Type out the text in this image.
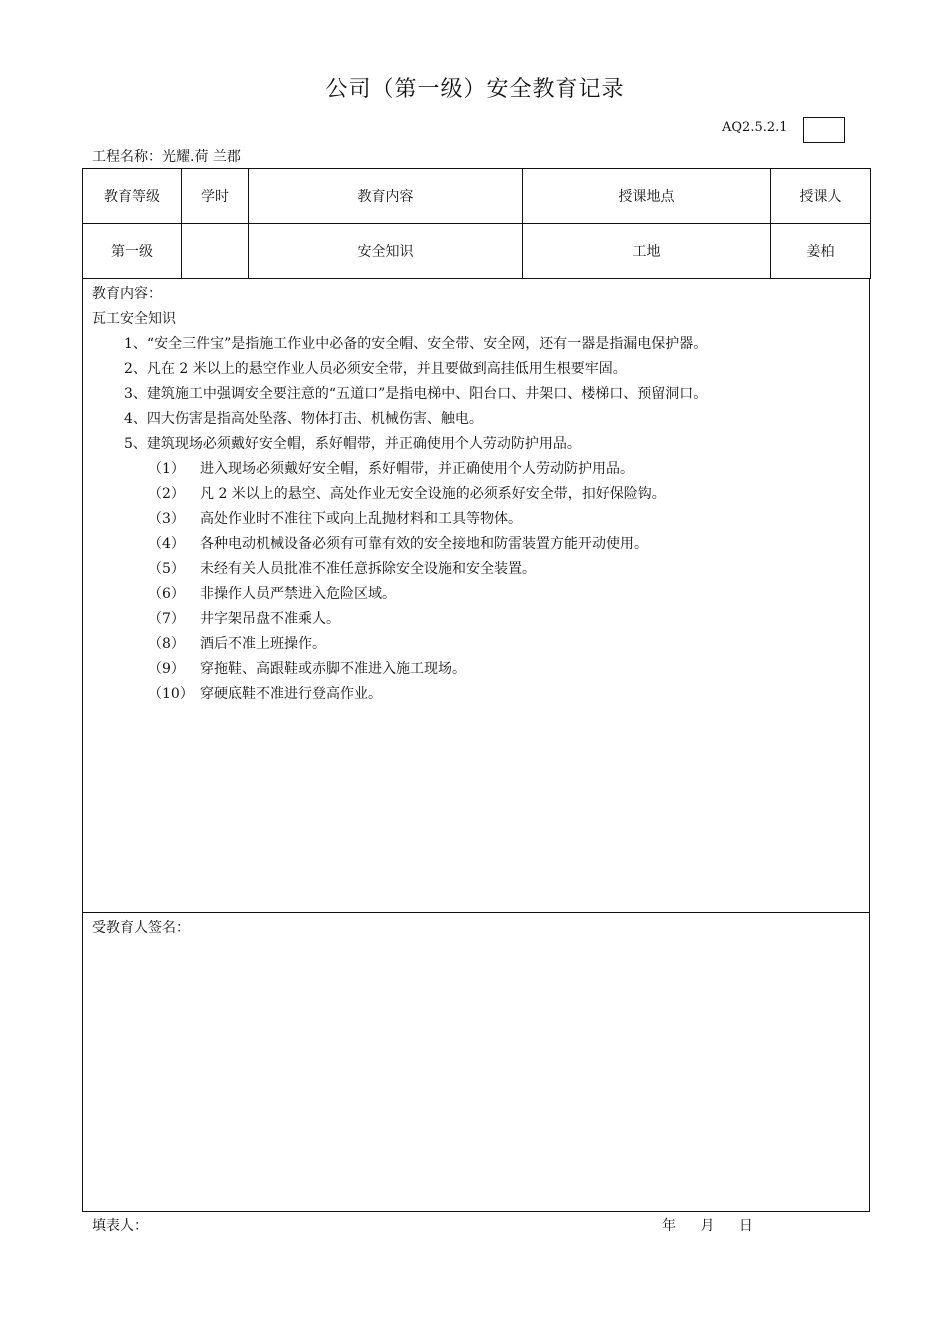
公司（第一级）安全教育记录
AQ2.5.2.1
工程名称：光耀.荷 兰郡
教育等级	学时	教育内容	授课地点	授课人
第一级		安全知识	工地	姜柏
教育内容：
瓦工安全知识
1、“安全三件宝”是指施工作业中必备的安全帽、安全带、安全网，还有一器是指漏电保护器。
2、凡在 2 米以上的悬空作业人员必须安全带，并且要做到高挂低用生根要牢固。
3、建筑施工中强调安全要注意的“五道口”是指电梯中、阳台口、井架口、楼梯口、预留洞口。
4、四大伤害是指高处坠落、物体打击、机械伤害、触电。
5、建筑现场必须戴好安全帽，系好帽带，并正确使用个人劳动防护用品。
（1） 进入现场必须戴好安全帽，系好帽带，并正确使用个人劳动防护用品。
（2） 凡 2 米以上的悬空、高处作业无安全设施的必须系好安全带，扣好保险钩。
（3） 高处作业时不准往下或向上乱抛材料和工具等物体。
（4） 各种电动机械设备必须有可靠有效的安全接地和防雷装置方能开动使用。
（5） 未经有关人员批准不准任意拆除安全设施和安全装置。
（6） 非操作人员严禁进入危险区域。
（7） 井字架吊盘不准乘人。
（8） 酒后不准上班操作。
（9） 穿拖鞋、高跟鞋或赤脚不准进入施工现场。
（10） 穿硬底鞋不准进行登高作业。
受教育人签名：
填表人：	年 月 日
